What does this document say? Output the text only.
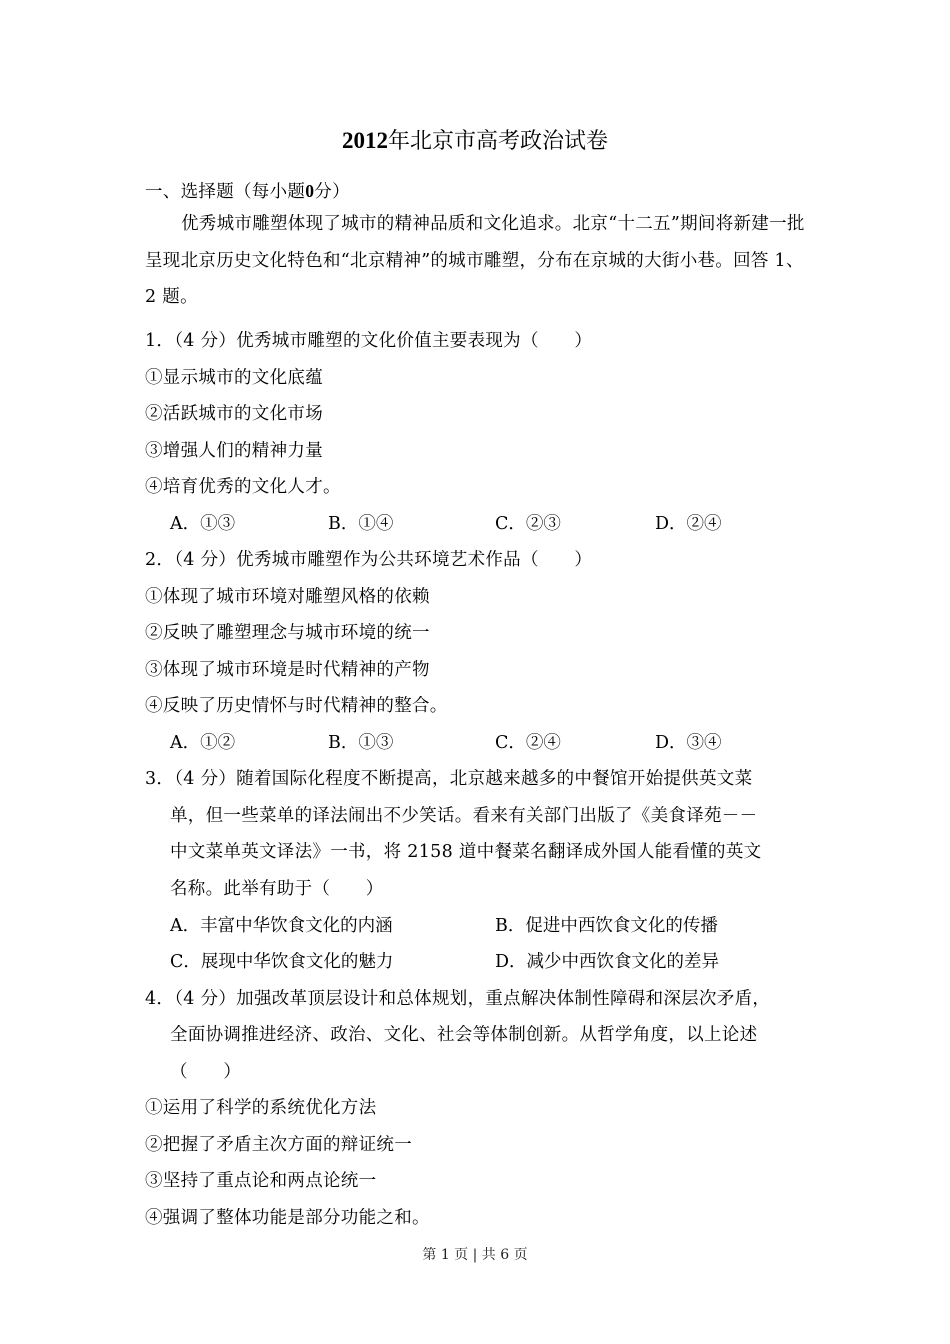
2012年北京市高考政治试卷
一、选择题（每小题0分）
优秀城市雕塑体现了城市的精神品质和文化追求。北京“十二五”期间将新建一批呈现北京历史文化特色和“北京精神”的城市雕塑，分布在京城的大街小巷。回答 1、2 题。
1．（4 分）优秀城市雕塑的文化价值主要表现为（　　）
①显示城市的文化底蕴
②活跃城市的文化市场
③增强人们的精神力量
④培育优秀的文化人才。
A．①③	B．①④	C．②③	D．②④
2．（4 分）优秀城市雕塑作为公共环境艺术作品（　　）
①体现了城市环境对雕塑风格的依赖
②反映了雕塑理念与城市环境的统一
③体现了城市环境是时代精神的产物
④反映了历史情怀与时代精神的整合。
A．①②	B．①③	C．②④	D．③④
3．（4 分）随着国际化程度不断提高，北京越来越多的中餐馆开始提供英文菜
单，但一些菜单的译法闹出不少笑话。看来有关部门出版了《美食译苑－－
中文菜单英文译法》一书，将 2158 道中餐菜名翻译成外国人能看懂的英文
名称。此举有助于（　　）
A．丰富中华饮食文化的内涵	B．促进中西饮食文化的传播
C．展现中华饮食文化的魅力	D．减少中西饮食文化的差异
4．（4 分）加强改革顶层设计和总体规划，重点解决体制性障碍和深层次矛盾，
全面协调推进经济、政治、文化、社会等体制创新。从哲学角度，以上论述
（　　）
①运用了科学的系统优化方法
②把握了矛盾主次方面的辩证统一
③坚持了重点论和两点论统一
④强调了整体功能是部分功能之和。
第 1 页 | 共 6 页
